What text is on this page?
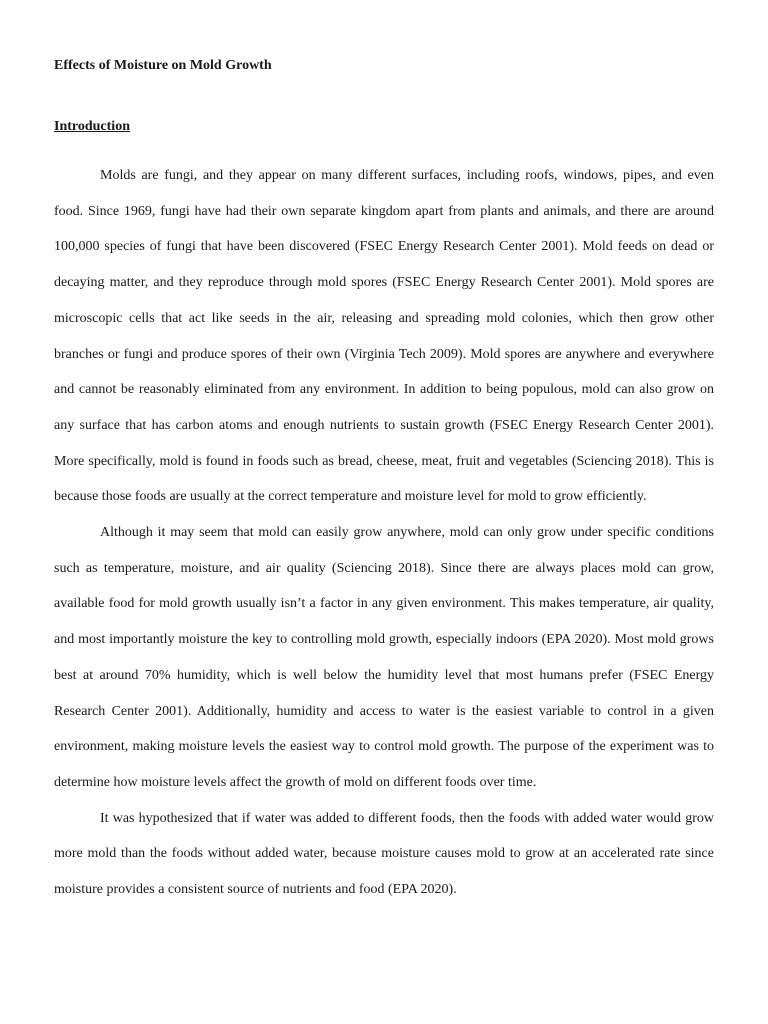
Effects of Moisture on Mold Growth
Introduction

Molds are fungi, and they appear on many different surfaces, including roofs, windows, pipes, and even food. Since 1969, fungi have had their own separate kingdom apart from plants and animals, and there are around 100,000 species of fungi that have been discovered (FSEC Energy Research Center 2001). Mold feeds on dead or decaying matter, and they reproduce through mold spores (FSEC Energy Research Center 2001). Mold spores are microscopic cells that act like seeds in the air, releasing and spreading mold colonies, which then grow other branches or fungi and produce spores of their own (Virginia Tech 2009). Mold spores are anywhere and everywhere and cannot be reasonably eliminated from any environment. In addition to being populous, mold can also grow on any surface that has carbon atoms and enough nutrients to sustain growth (FSEC Energy Research Center 2001). More specifically, mold is found in foods such as bread, cheese, meat, fruit and vegetables (Sciencing 2018). This is because those foods are usually at the correct temperature and moisture level for mold to grow efficiently.

Although it may seem that mold can easily grow anywhere, mold can only grow under specific conditions such as temperature, moisture, and air quality (Sciencing 2018). Since there are always places mold can grow, available food for mold growth usually isn’t a factor in any given environment. This makes temperature, air quality, and most importantly moisture the key to controlling mold growth, especially indoors (EPA 2020). Most mold grows best at around 70% humidity, which is well below the humidity level that most humans prefer (FSEC Energy Research Center 2001). Additionally, humidity and access to water is the easiest variable to control in a given environment, making moisture levels the easiest way to control mold growth. The purpose of the experiment was to determine how moisture levels affect the growth of mold on different foods over time.

It was hypothesized that if water was added to different foods, then the foods with added water would grow more mold than the foods without added water, because moisture causes mold to grow at an accelerated rate since moisture provides a consistent source of nutrients and food (EPA 2020).
